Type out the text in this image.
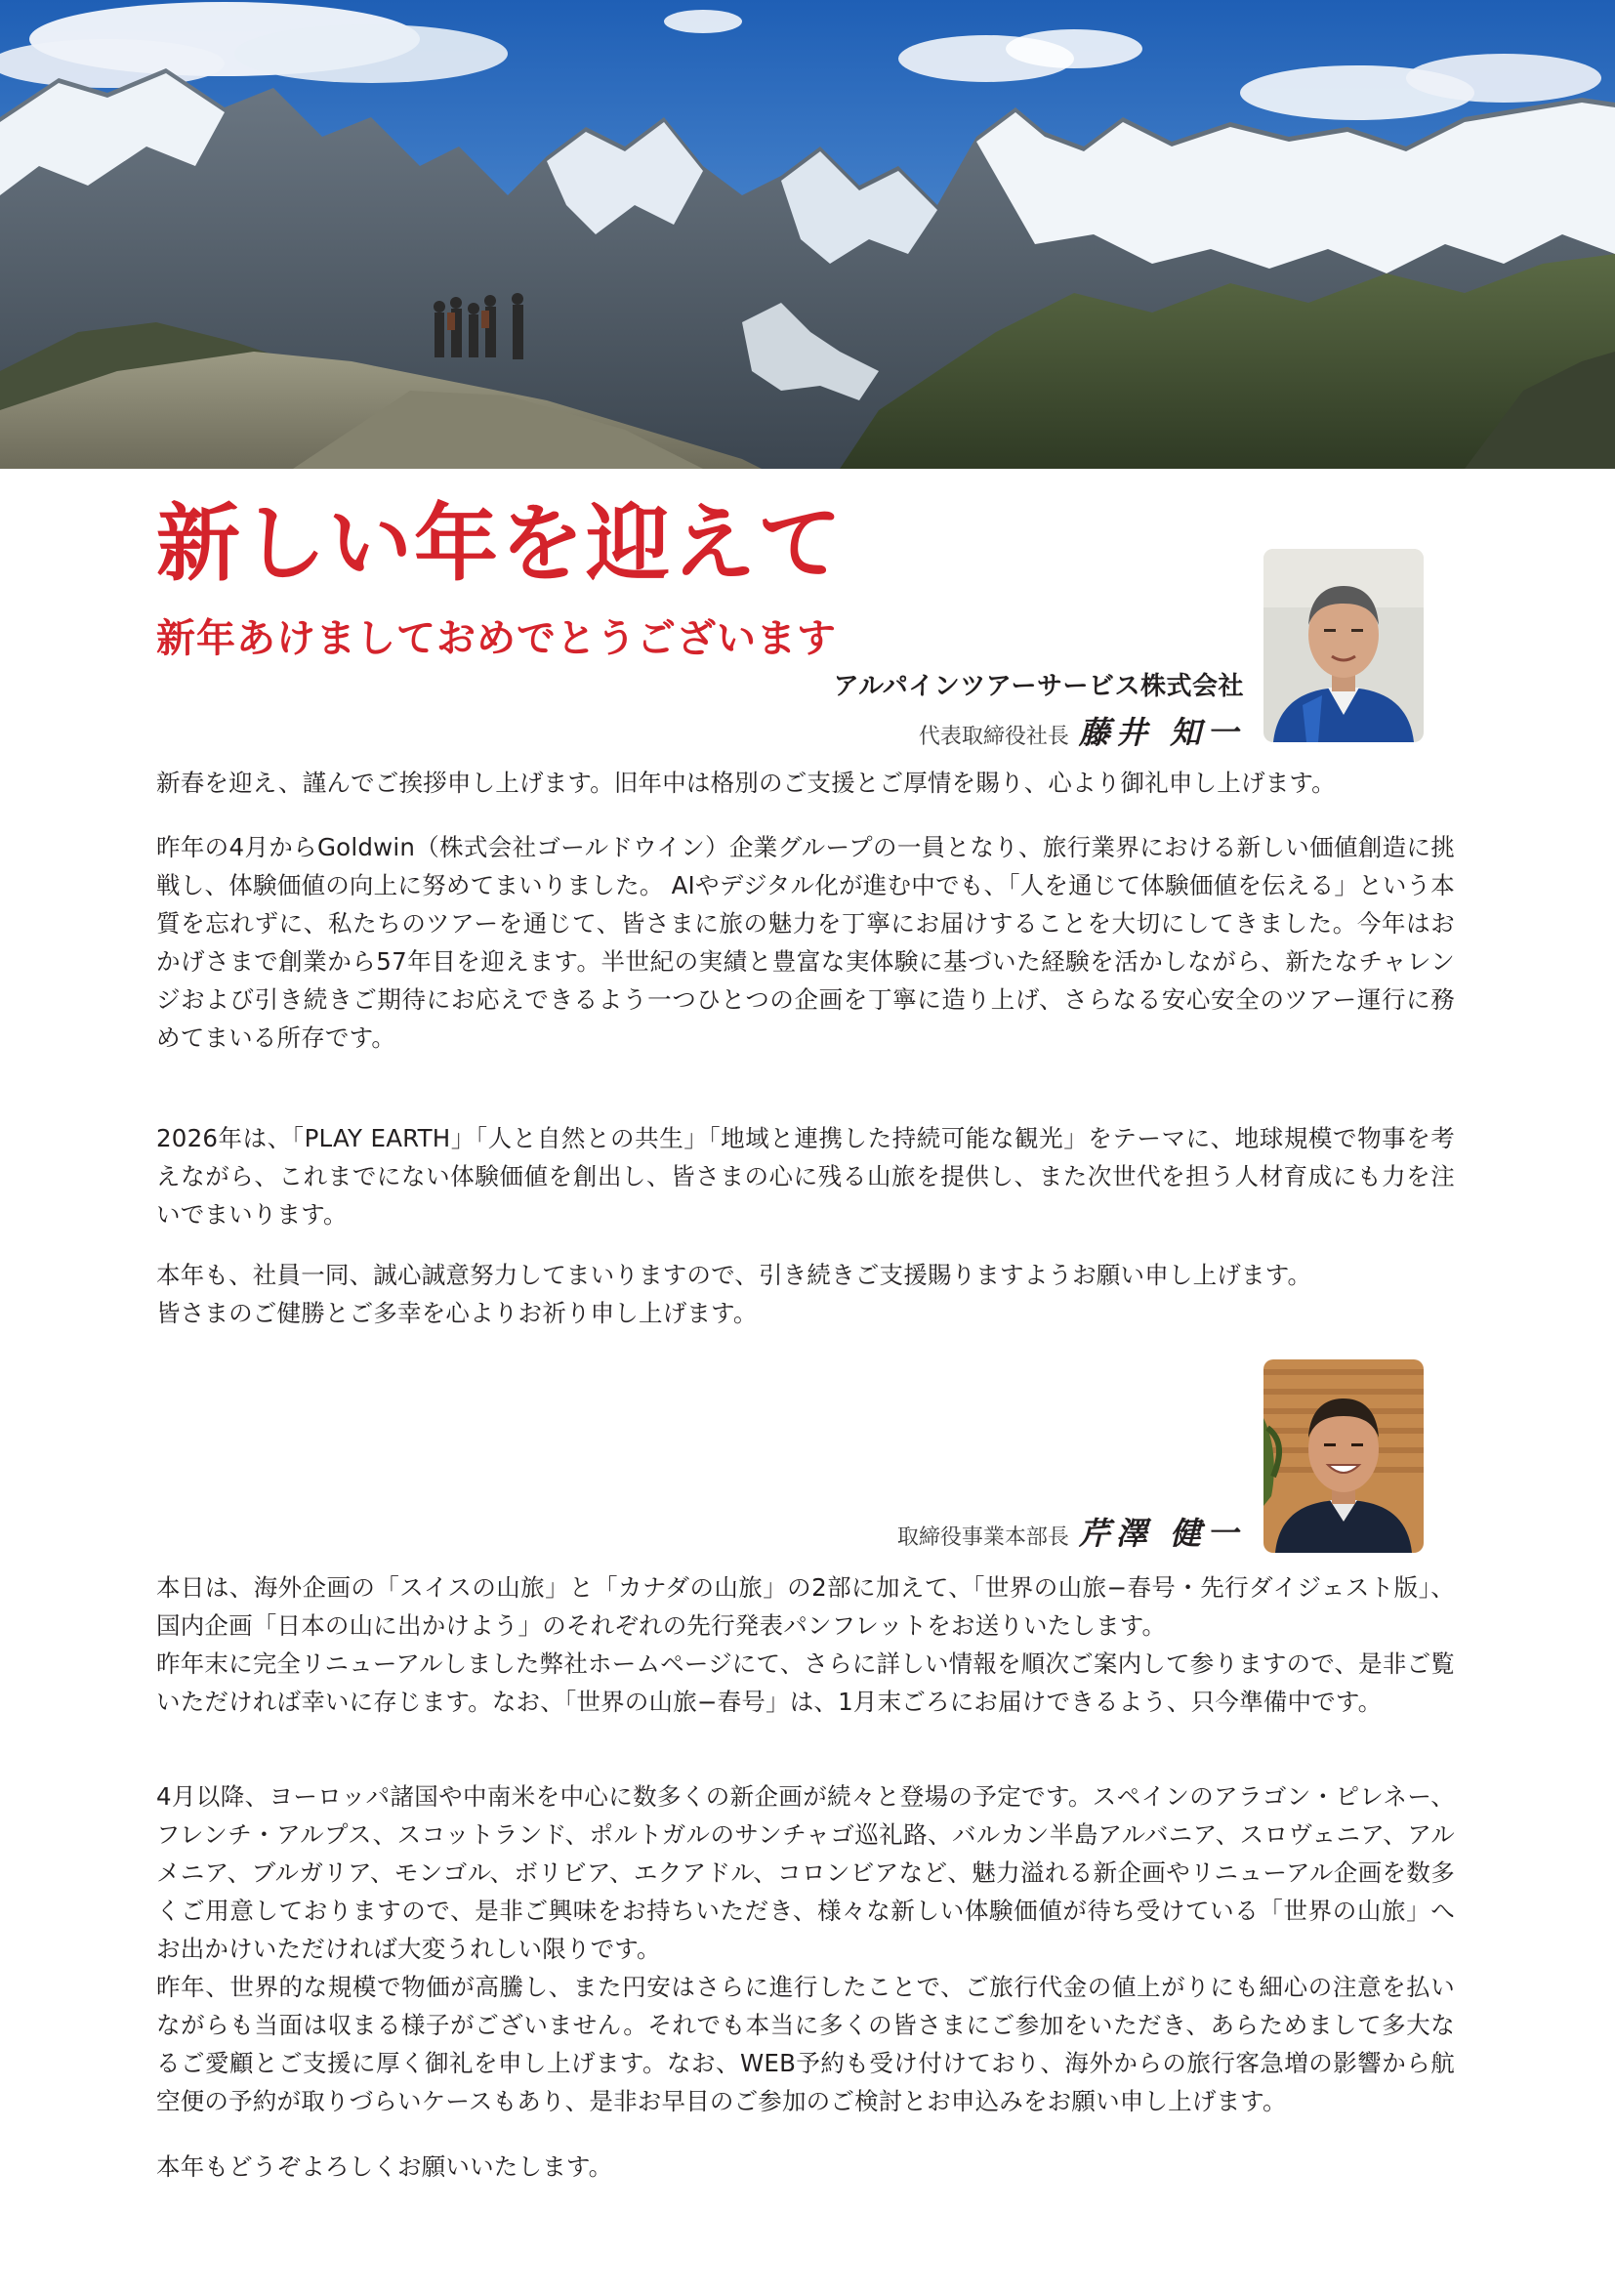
新しい年を迎えて
新年あけましておめでとうございます
アルパインツアーサービス株式会社
代表取締役社長 藤井 知一

新春を迎え、謹んでご挨拶申し上げます。旧年中は格別のご支援とご厚情を賜り、心より御礼申し上げます。

昨年の4月からGoldwin（株式会社ゴールドウイン）企業グループの一員となり、旅行業界における新しい価値創造に挑戦し、体験価値の向上に努めてまいりました。 AIやデジタル化が進む中でも、「人を通じて体験価値を伝える」という本質を忘れずに、私たちのツアーを通じて、皆さまに旅の魅力を丁寧にお届けすることを大切にしてきました。今年はおかげさまで創業から57年目を迎えます。半世紀の実績と豊富な実体験に基づいた経験を活かしながら、新たなチャレンジおよび引き続きご期待にお応えできるよう一つひとつの企画を丁寧に造り上げ、さらなる安心安全のツアー運行に務めてまいる所存です。

2026年は、「PLAY EARTH」「人と自然との共生」「地域と連携した持続可能な観光」をテーマに、地球規模で物事を考えながら、これまでにない体験価値を創出し、皆さまの心に残る山旅を提供し、また次世代を担う人材育成にも力を注いでまいります。

本年も、社員一同、誠心誠意努力してまいりますので、引き続きご支援賜りますようお願い申し上げます。

皆さまのご健勝とご多幸を心よりお祈り申し上げます。

取締役事業本部長 芹澤 健一

本日は、海外企画の「スイスの山旅」と「カナダの山旅」の2部に加えて、「世界の山旅−春号・先行ダイジェスト版」、国内企画「日本の山に出かけよう」のそれぞれの先行発表パンフレットをお送りいたします。

昨年末に完全リニューアルしました弊社ホームページにて、さらに詳しい情報を順次ご案内して参りますので、是非ご覧いただければ幸いに存じます。なお、「世界の山旅−春号」は、1月末ごろにお届けできるよう、只今準備中です。

4月以降、ヨーロッパ諸国や中南米を中心に数多くの新企画が続々と登場の予定です。スペインのアラゴン・ピレネー、フレンチ・アルプス、スコットランド、ポルトガルのサンチャゴ巡礼路、バルカン半島アルバニア、スロヴェニア、アルメニア、ブルガリア、モンゴル、ボリビア、エクアドル、コロンビアなど、魅力溢れる新企画やリニューアル企画を数多くご用意しておりますので、是非ご興味をお持ちいただき、様々な新しい体験価値が待ち受けている「世界の山旅」へお出かけいただければ大変うれしい限りです。

昨年、世界的な規模で物価が高騰し、また円安はさらに進行したことで、ご旅行代金の値上がりにも細心の注意を払いながらも当面は収まる様子がございません。それでも本当に多くの皆さまにご参加をいただき、あらためまして多大なるご愛顧とご支援に厚く御礼を申し上げます。なお、WEB予約も受け付けており、海外からの旅行客急増の影響から航空便の予約が取りづらいケースもあり、是非お早目のご参加のご検討とお申込みをお願い申し上げます。

本年もどうぞよろしくお願いいたします。
